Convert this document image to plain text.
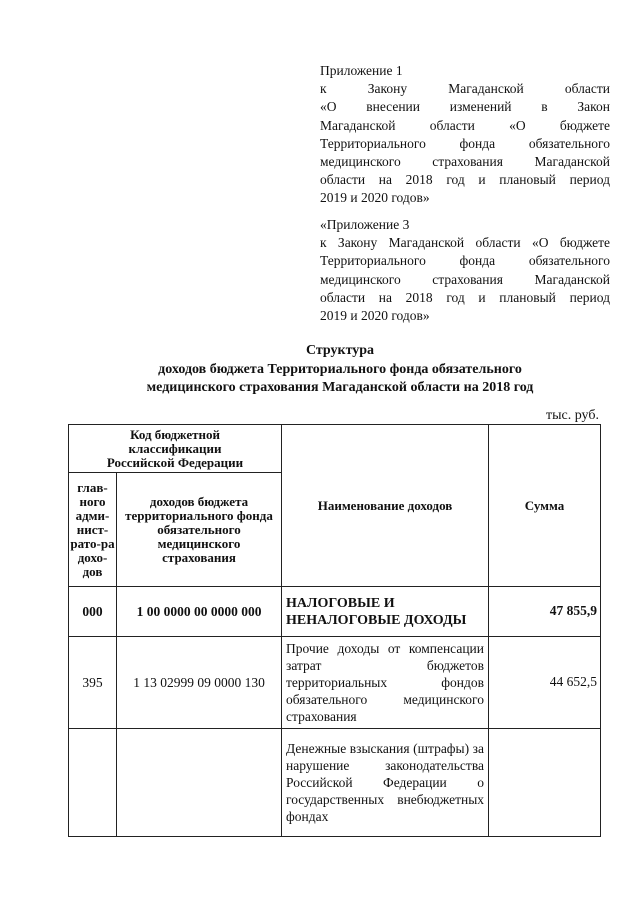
Приложение 1
к Закону Магаданской области
«О внесении изменений в Закон
Магаданской области «О бюджете
Территориального фонда обязательного
медицинского страхования Магаданской
области на 2018 год и плановый период
2019 и 2020 годов»
«Приложение 3
к Закону Магаданской области «О бюджете
Территориального фонда обязательного
медицинского страхования Магаданской
области на 2018 год и плановый период
2019 и 2020 годов»
Структура
доходов бюджета Территориального фонда обязательного
медицинского страхования Магаданской области на 2018 год
тыс. руб.
Код бюджетной классификации Российской Федерации		Наименование доходов	Сумма
глав-ного адми-нист-рато-ра дохо-дов	доходов бюджета территориального фонда обязательного медицинского страхования		
000	1 00 0000 00 0000 000	НАЛОГОВЫЕ И НЕНАЛОГОВЫЕ ДОХОДЫ	47 855,9
395	1 13 02999 09 0000 130	Прочие доходы от компенсации затрат бюджетов территориальных фондов обязательного медицинского страхования	44 652,5
		Денежные взыскания (штрафы) за нарушение законодательства Российской Федерации о государственных внебюджетных фондах	
